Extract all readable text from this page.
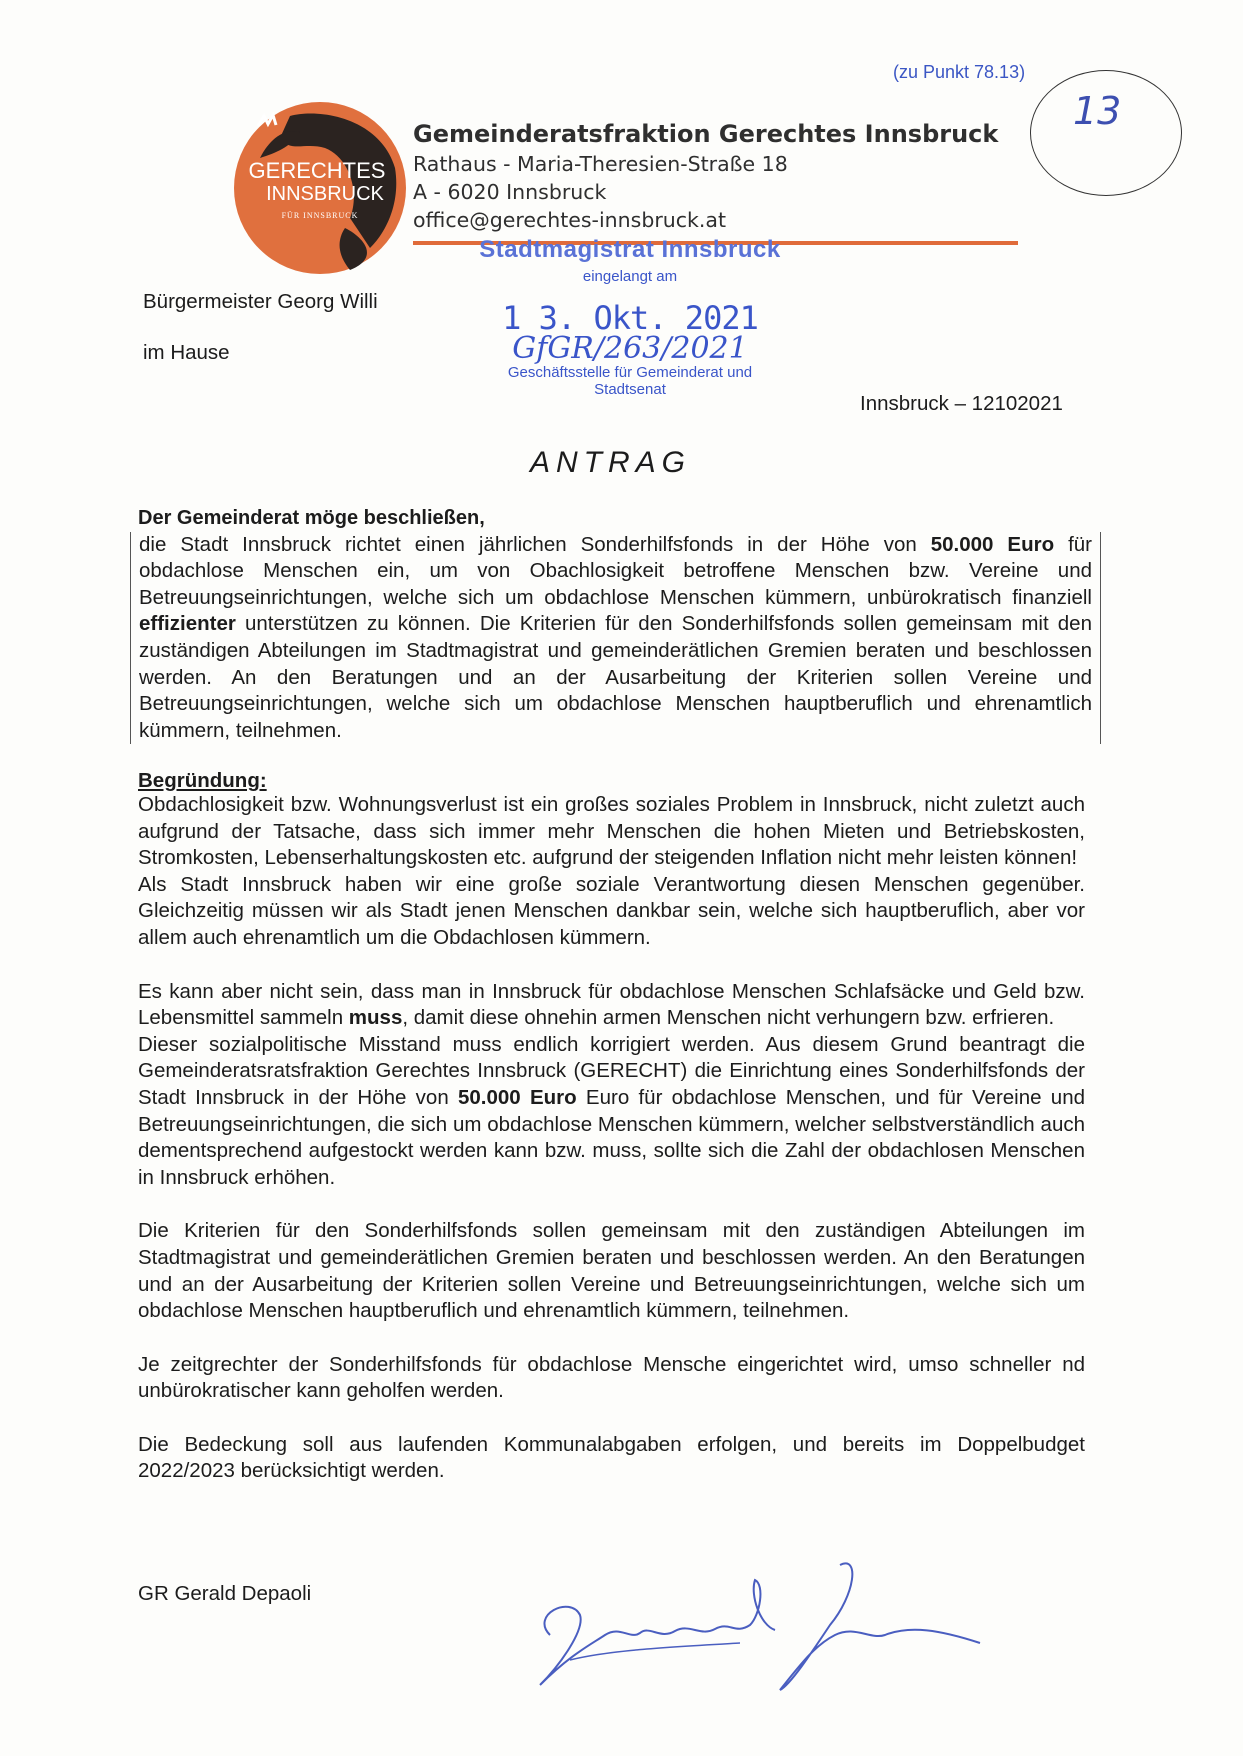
(zu Punkt 78.13)
13
GERECHTES
INNSBRUCK
FÜR INNSBRUCK
Gemeinderatsfraktion Gerechtes Innsbruck
Rathaus - Maria-Theresien-Straße 18
A - 6020 Innsbruck
office@gerechtes-innsbruck.at
Stadtmagistrat Innsbruck
eingelangt am
1 3. Okt. 2021
GfGR/263/2021
Geschäftsstelle für Gemeinderat und Stadtsenat
Bürgermeister Georg Willi
im Hause
Innsbruck – 12102021
ANTRAG
Der Gemeinderat möge beschließen,
die Stadt Innsbruck richtet einen jährlichen Sonderhilfsfonds in der Höhe von 50.000 Euro für obdachlose Menschen ein, um von Obachlosigkeit betroffene Menschen bzw. Vereine und Betreuungseinrichtungen, welche sich um obdachlose Menschen kümmern, unbürokratisch finanziell effizienter unterstützen zu können. Die Kriterien für den Sonderhilfsfonds sollen gemeinsam mit den zuständigen Abteilungen im Stadtmagistrat und gemeinderätlichen Gremien beraten und beschlossen werden. An den Beratungen und an der Ausarbeitung der Kriterien sollen Vereine und Betreuungseinrichtungen, welche sich um obdachlose Menschen hauptberuflich und ehrenamtlich kümmern, teilnehmen.
Begründung:
Obdachlosigkeit bzw. Wohnungsverlust ist ein großes soziales Problem in Innsbruck, nicht zuletzt auch aufgrund der Tatsache, dass sich immer mehr Menschen die hohen Mieten und Betriebskosten, Stromkosten, Lebenserhaltungskosten etc. aufgrund der steigenden Inflation nicht mehr leisten können!
Als Stadt Innsbruck haben wir eine große soziale Verantwortung diesen Menschen gegenüber. Gleichzeitig müssen wir als Stadt jenen Menschen dankbar sein, welche sich hauptberuflich, aber vor allem auch ehrenamtlich um die Obdachlosen kümmern.
Es kann aber nicht sein, dass man in Innsbruck für obdachlose Menschen Schlafsäcke und Geld bzw. Lebensmittel sammeln muss, damit diese ohnehin armen Menschen nicht verhungern bzw. erfrieren.
Dieser sozialpolitische Misstand muss endlich korrigiert werden. Aus diesem Grund beantragt die Gemeinderatsratsfraktion Gerechtes Innsbruck (GERECHT) die Einrichtung eines Sonderhilfsfonds der Stadt Innsbruck in der Höhe von 50.000 Euro Euro für obdachlose Menschen, und für Vereine und Betreuungseinrichtungen, die sich um obdachlose Menschen kümmern, welcher selbstverständlich auch dementsprechend aufgestockt werden kann bzw. muss, sollte sich die Zahl der obdachlosen Menschen in Innsbruck erhöhen.
Die Kriterien für den Sonderhilfsfonds sollen gemeinsam mit den zuständigen Abteilungen im Stadtmagistrat und gemeinderätlichen Gremien beraten und beschlossen werden. An den Beratungen und an der Ausarbeitung der Kriterien sollen Vereine und Betreuungseinrichtungen, welche sich um obdachlose Menschen hauptberuflich und ehrenamtlich kümmern, teilnehmen.
Je zeitgrechter der Sonderhilfsfonds für obdachlose Mensche eingerichtet wird, umso schneller nd unbürokratischer kann geholfen werden.
Die Bedeckung soll aus laufenden Kommunalabgaben erfolgen, und bereits im Doppelbudget 2022/2023 berücksichtigt werden.
GR Gerald Depaoli
